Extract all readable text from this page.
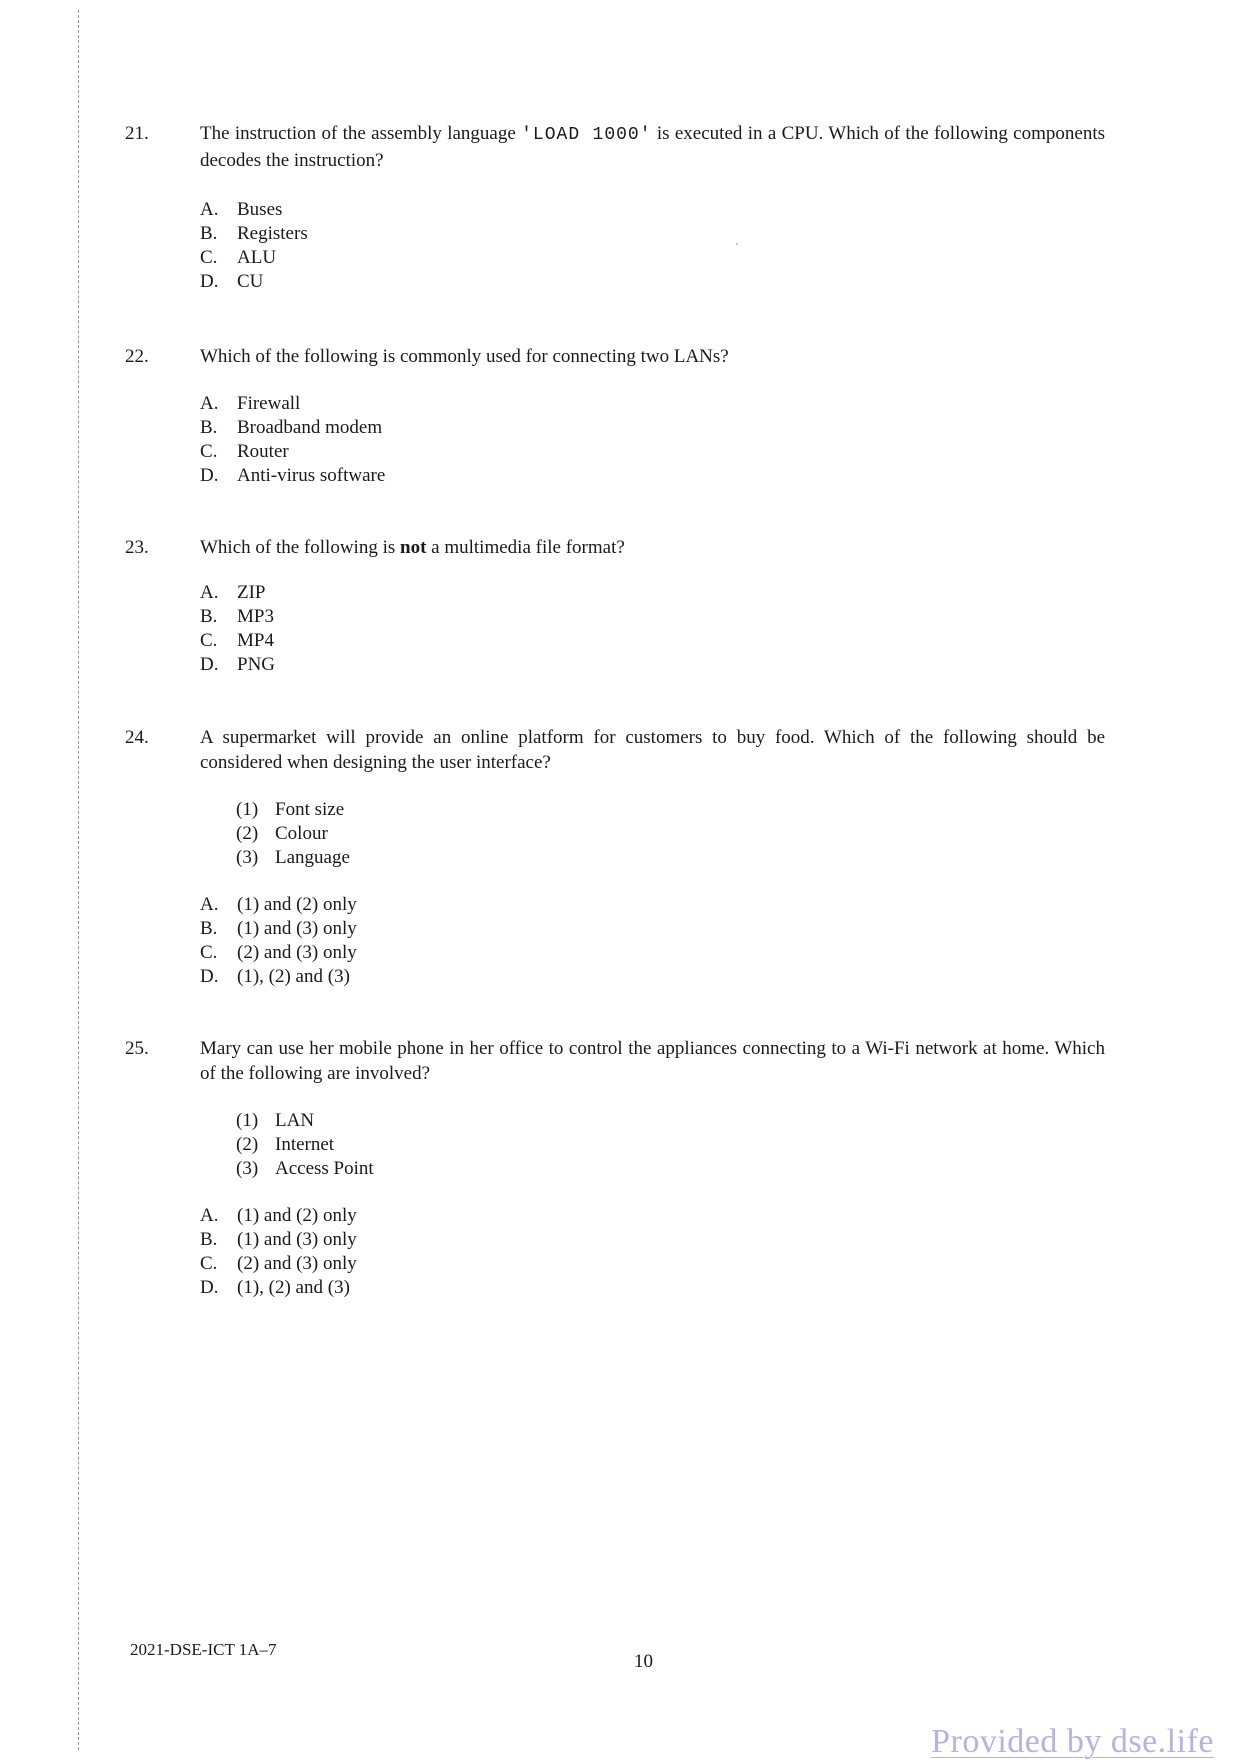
21.	The instruction of the assembly language 'LOAD 1000' is executed in a CPU. Which of the following components decodes the instruction?
A. Buses
B.	Registers
C.	ALU
D. CU
22.	Which of the following is commonly used for connecting two LANs?
A. Firewall
B.	Broadband modem
C.	Router
D. Anti-virus software
23.	Which of the following is not a multimedia file format?
A. ZIP
B.	MP3
C.	MP4
D. PNG
24.	A supermarket will provide an online platform for customers to buy food. Which of the following should be considered when designing the user interface?
(1) Font size
(2) Colour
(3) Language
A. (1) and (2) only
B.	(1) and (3) only
C.	(2) and (3) only
D. (1), (2) and (3)
25.	Mary can use her mobile phone in her office to control the appliances connecting to a Wi-Fi network at home. Which of the following are involved?
(1) LAN
(2) Internet
(3) Access Point
A. (1) and (2) only
B.	(1) and (3) only
C.	(2) and (3) only
D. (1), (2) and (3)
2021-DSE-ICT 1A–7
10
Provided by dse.life
